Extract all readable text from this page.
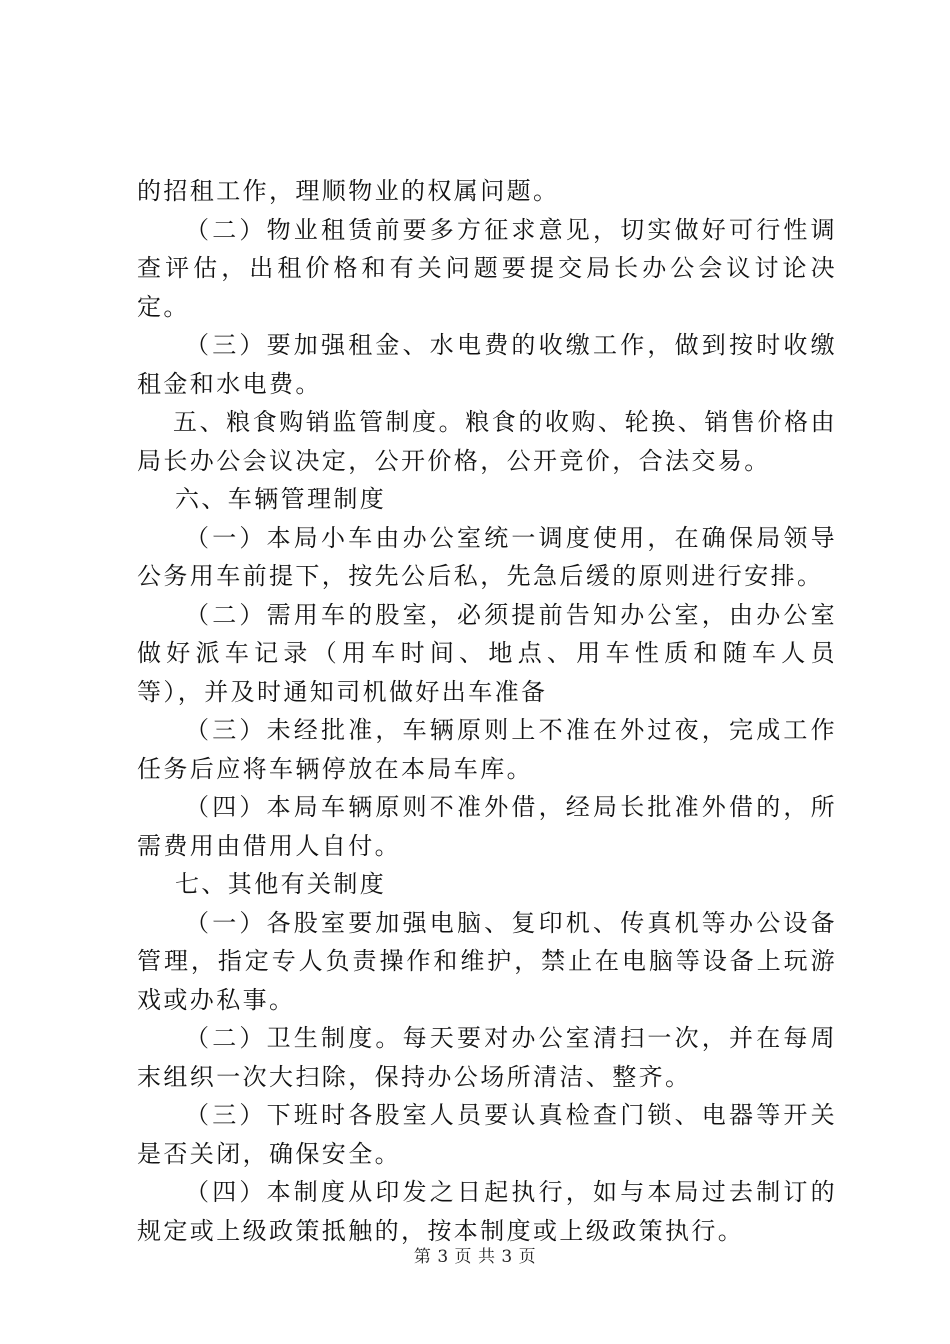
的招租工作，理顺物业的权属问题。

（二）物业租赁前要多方征求意见，切实做好可行性调查评估，出租价格和有关问题要提交局长办公会议讨论决定。

（三）要加强租金、水电费的收缴工作，做到按时收缴租金和水电费。

五、粮食购销监管制度。粮食的收购、轮换、销售价格由局长办公会议决定，公开价格，公开竞价，合法交易。

六、车辆管理制度

（一）本局小车由办公室统一调度使用，在确保局领导公务用车前提下，按先公后私，先急后缓的原则进行安排。

（二）需用车的股室，必须提前告知办公室，由办公室做好派车记录（用车时间、地点、用车性质和随车人员等），并及时通知司机做好出车准备

（三）未经批准，车辆原则上不准在外过夜，完成工作任务后应将车辆停放在本局车库。

（四）本局车辆原则不准外借，经局长批准外借的，所需费用由借用人自付。

七、其他有关制度

（一）各股室要加强电脑、复印机、传真机等办公设备管理，指定专人负责操作和维护，禁止在电脑等设备上玩游戏或办私事。

（二）卫生制度。每天要对办公室清扫一次，并在每周末组织一次大扫除，保持办公场所清洁、整齐。

（三）下班时各股室人员要认真检查门锁、电器等开关是否关闭，确保安全。

（四）本制度从印发之日起执行，如与本局过去制订的规定或上级政策抵触的，按本制度或上级政策执行。

第 3 页 共 3 页
